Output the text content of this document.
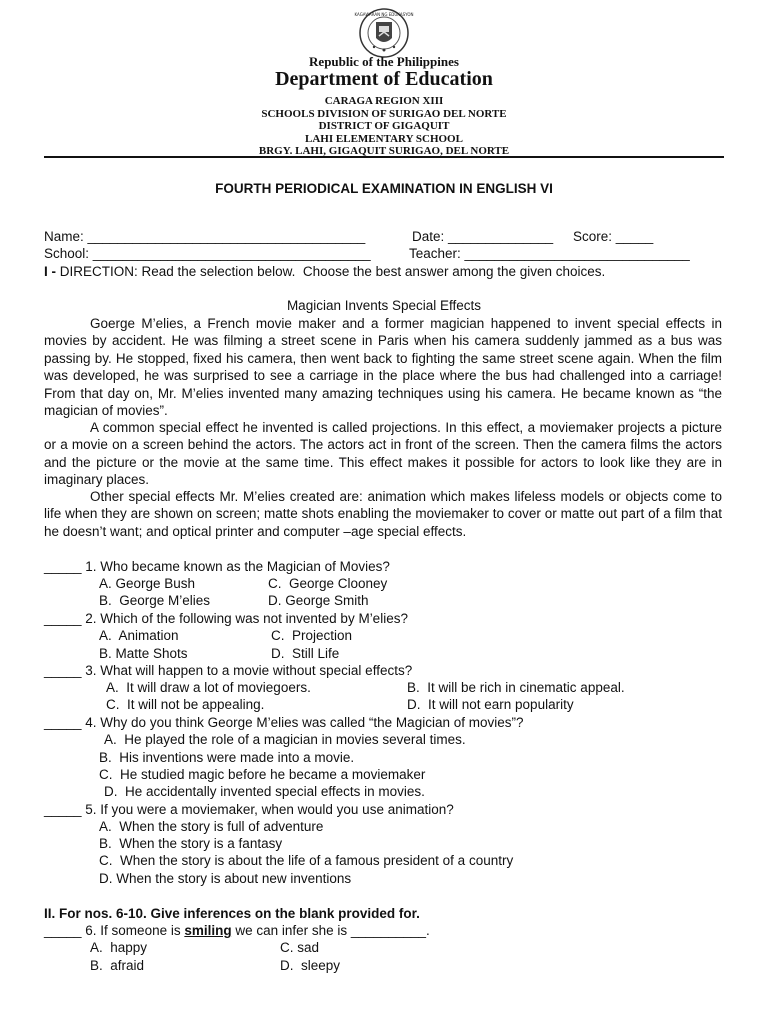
KAGAWARAN NG EDUKASYON
Republic of the Philippines
Department of Education
CARAGA REGION XIII
SCHOOLS DIVISION OF SURIGAO DEL NORTE
DISTRICT OF GIGAQUIT
LAHI ELEMENTARY SCHOOL
BRGY. LAHI, GIGAQUIT SURIGAO, DEL NORTE
FOURTH PERIODICAL EXAMINATION IN ENGLISH VI
Name: _____________________________________	Date: ______________ Score: _____
School: _____________________________________	Teacher: ______________________________
I - DIRECTION: Read the selection below.  Choose the best answer among the given choices.
Magician Invents Special Effects
Goerge M’elies, a French movie maker and a former magician happened to invent special effects in movies by accident. He was filming a street scene in Paris when his camera suddenly jammed as a bus was passing by. He stopped, fixed his camera, then went back to fighting the same street scene again. When the film was developed, he was surprised to see a carriage in the place where the bus had challenged into a carriage! From that day on, Mr. M’elies invented many amazing techniques using his camera. He became known as “the magician of movies”.
A common special effect he invented is called projections. In this effect, a moviemaker projects a picture or a movie on a screen behind the actors. The actors act in front of the screen. Then the camera films the actors and the picture or the movie at the same time. This effect makes it possible for actors to look like they are in imaginary places.
Other special effects Mr. M’elies created are: animation which makes lifeless models or objects come to life when they are shown on screen; matte shots enabling the moviemaker to cover or matte out part of a film that he doesn’t want; and optical printer and computer –age special effects.
_____ 1. Who became known as the Magician of Movies?
A. George Bush	C.  George Clooney
B.  George M’elies	D. George Smith
_____ 2. Which of the following was not invented by M’elies?
A.  Animation	C.  Projection
B. Matte Shots	D.  Still Life
_____ 3. What will happen to a movie without special effects?
A.  It will draw a lot of moviegoers.	B.  It will be rich in cinematic appeal.
C.  It will not be appealing.	D.  It will not earn popularity
_____ 4. Why do you think George M’elies was called “the Magician of movies”?
A.  He played the role of a magician in movies several times.
B.  His inventions were made into a movie.
C.  He studied magic before he became a moviemaker
D.  He accidentally invented special effects in movies.
_____ 5. If you were a moviemaker, when would you use animation?
A.  When the story is full of adventure
B.  When the story is a fantasy
C.  When the story is about the life of a famous president of a country
D. When the story is about new inventions
II. For nos. 6-10. Give inferences on the blank provided for.
_____ 6. If someone is smiling we can infer she is __________.
A.  happy	C. sad
B.  afraid	D.  sleepy
